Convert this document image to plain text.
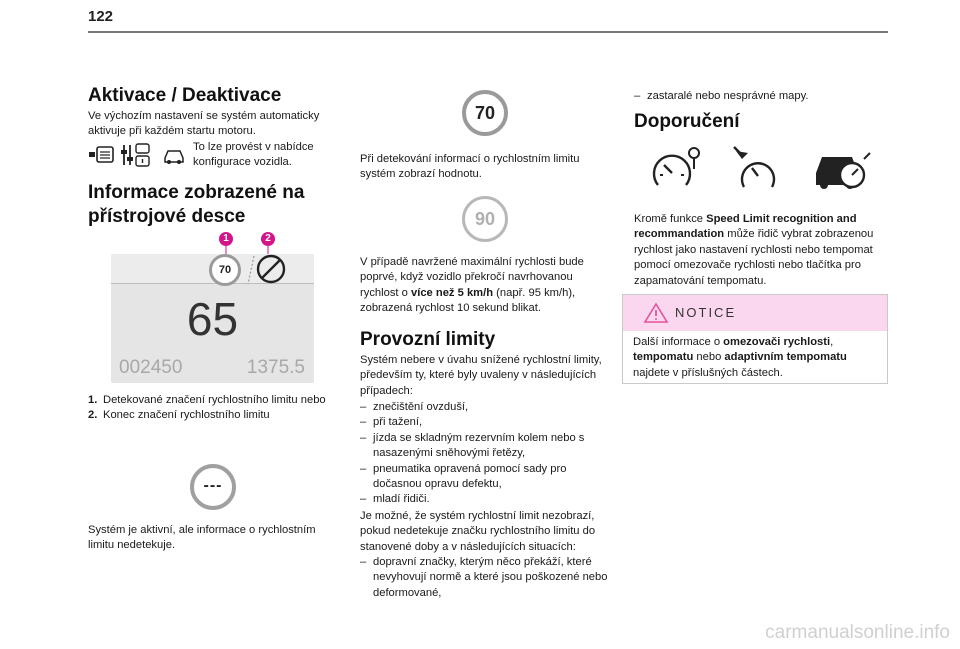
122
Aktivace / Deaktivace

Ve výchozím nastavení se systém automaticky aktivuje při každém startu motoru.

To lze provést v nabídce konfigurace vozidla.

Informace zobrazené na
přístrojové desce
1	2
70
65
002450	1375.5
1. Detekované značení rychlostního limitu nebo
2. Konec značení rychlostního limitu
---

Systém je aktivní, ale informace o rychlostním limitu nedetekuje.

70

Při detekování informací o rychlostním limitu systém zobrazí hodnotu.

90

V případě navržené maximální rychlosti bude poprvé, když vozidlo překročí navrhovanou rychlost o více než 5 km/h (např. 95 km/h), zobrazená rychlost 10 sekund blikat.

Provozní limity

Systém nebere v úvahu snížené rychlostní limity, především ty, které byly uvaleny v následujících případech:

– znečištění ovzduší,
– při tažení,
– jízda se skladným rezervním kolem nebo s nasazenými sněhovými řetězy,
– pneumatika opravená pomocí sady pro dočasnou opravu defektu,
– mladí řidiči.

Je možné, že systém rychlostní limit nezobrazí, pokud nedetekuje značku rychlostního limitu do stanovené doby a v následujících situacích:

– dopravní značky, kterým něco překáží, které nevyhovují normě a které jsou poškozené nebo deformované,
– zastaralé nebo nesprávné mapy.
Doporučení

Kromě funkce Speed Limit recognition and recommandation může řidič vybrat zobrazenou rychlost jako nastavení rychlosti nebo tempomat pomocí omezovače rychlosti nebo tlačítka pro zapamatování tempomatu.

NOTICE

Další informace o omezovači rychlosti, tempomatu nebo adaptivním tempomatu najdete v příslušných částech.

carmanualsonline.info
